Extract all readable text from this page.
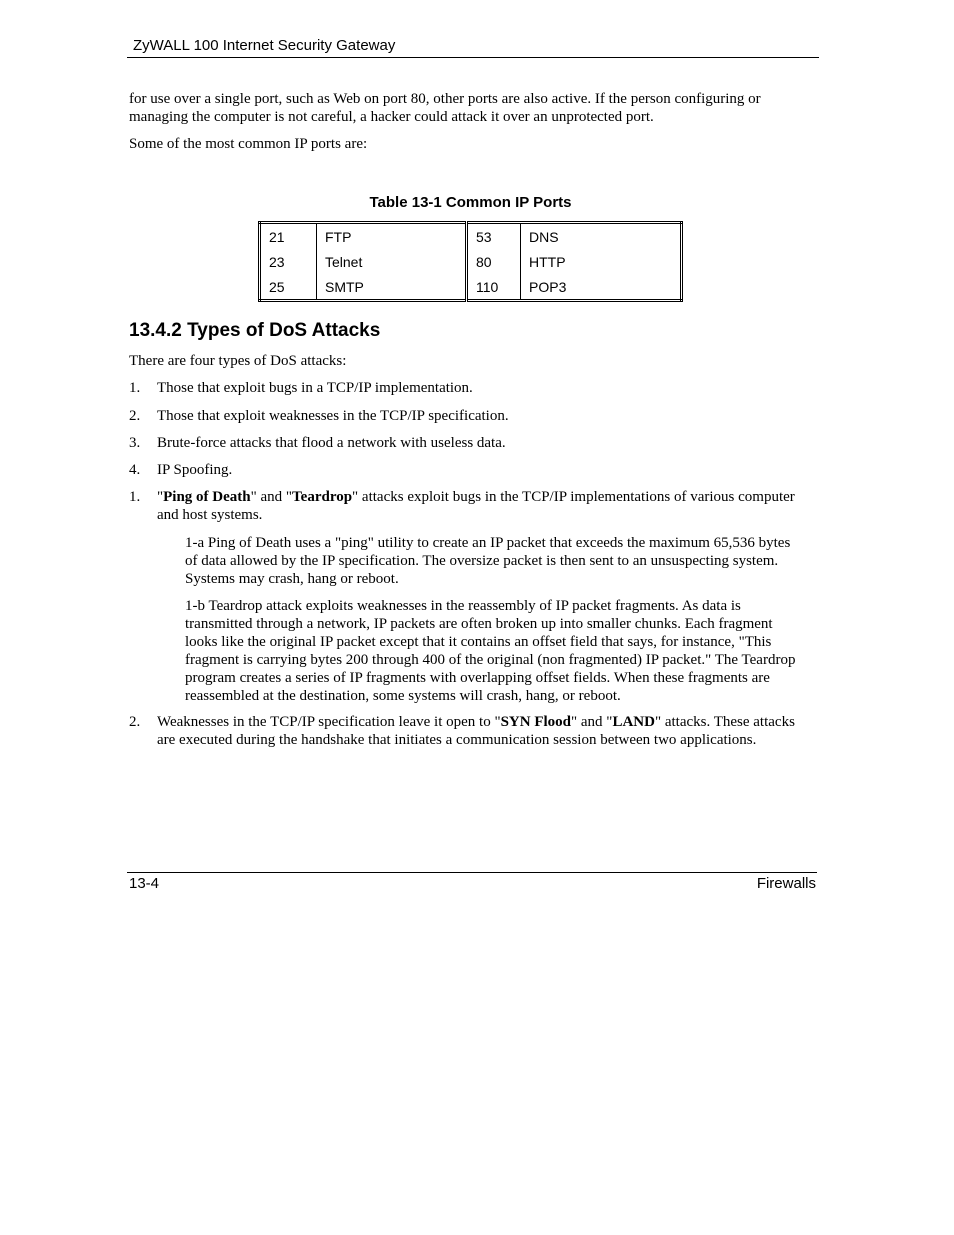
ZyWALL 100 Internet Security Gateway

for use over a single port, such as Web on port 80, other ports are also active. If the person configuring or managing the computer is not careful, a hacker could attack it over an unprotected port.

Some of the most common IP ports are:

Table 13-1 Common IP Ports
21	FTP	53	DNS
23	Telnet	80	HTTP
25	SMTP	110	POP3
13.4.2 Types of DoS Attacks

There are four types of DoS attacks:

1. Those that exploit bugs in a TCP/IP implementation.
2. Those that exploit weaknesses in the TCP/IP specification.
3. Brute-force attacks that flood a network with useless data.
4. IP Spoofing.
1. "Ping of Death" and "Teardrop" attacks exploit bugs in the TCP/IP implementations of various computer and host systems.

1-a Ping of Death uses a "ping" utility to create an IP packet that exceeds the maximum 65,536 bytes of data allowed by the IP specification. The oversize packet is then sent to an unsuspecting system. Systems may crash, hang or reboot.

1-b Teardrop attack exploits weaknesses in the reassembly of IP packet fragments. As data is transmitted through a network, IP packets are often broken up into smaller chunks. Each fragment looks like the original IP packet except that it contains an offset field that says, for instance, "This fragment is carrying bytes 200 through 400 of the original (non fragmented) IP packet." The Teardrop program creates a series of IP fragments with overlapping offset fields. When these fragments are reassembled at the destination, some systems will crash, hang, or reboot.

2. Weaknesses in the TCP/IP specification leave it open to "SYN Flood" and "LAND" attacks. These attacks are executed during the handshake that initiates a communication session between two applications.
13-4	Firewalls
